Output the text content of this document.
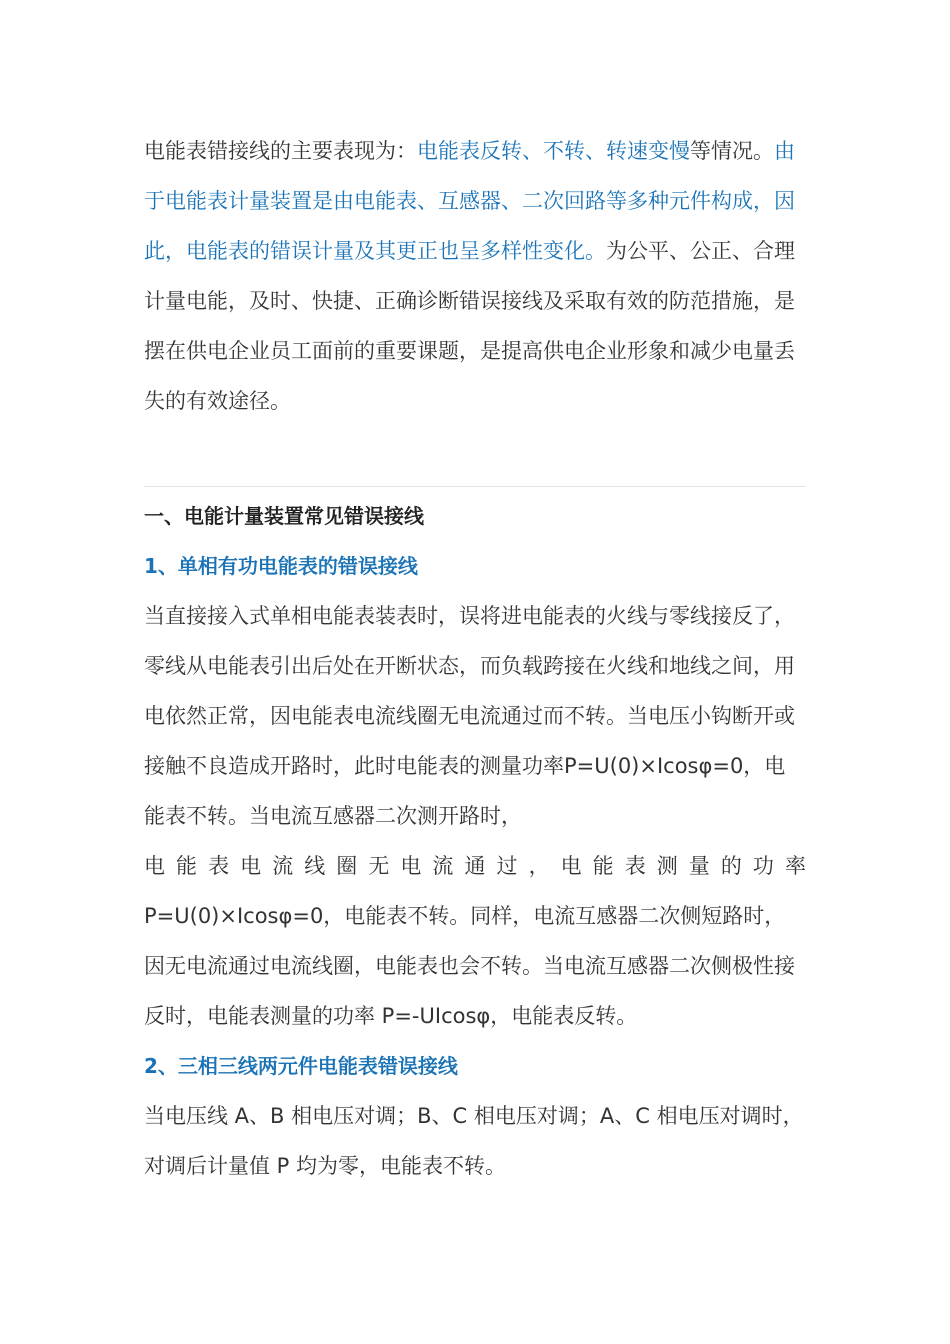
电能表错接线的主要表现为：电能表反转、不转、转速变慢等情况。由于电能表计量装置是由电能表、互感器、二次回路等多种元件构成，因此，电能表的错误计量及其更正也呈多样性变化。为公平、公正、合理计量电能，及时、快捷、正确诊断错误接线及采取有效的防范措施，是摆在供电企业员工面前的重要课题，是提高供电企业形象和减少电量丢失的有效途径。

一、电能计量装置常见错误接线
1、单相有功电能表的错误接线

当直接接入式单相电能表装表时，误将进电能表的火线与零线接反了，零线从电能表引出后处在开断状态，而负载跨接在火线和地线之间，用电依然正常，因电能表电流线圈无电流通过而不转。当电压小钩断开或接触不良造成开路时，此时电能表的测量功率P=U(0)×Icosφ=0，电能表不转。当电流互感器二次测开路时，

电 能 表 电 流 线 圈 无 电 流 通 过 ， 电 能 表 测 量 的 功 率

P=U(0)×Icosφ=0，电能表不转。同样，电流互感器二次侧短路时，因无电流通过电流线圈，电能表也会不转。当电流互感器二次侧极性接反时，电能表测量的功率 P=-UIcosφ，电能表反转。

2、三相三线两元件电能表错误接线

当电压线 A、B 相电压对调；B、C 相电压对调；A、C 相电压对调时，对调后计量值 P 均为零，电能表不转。
